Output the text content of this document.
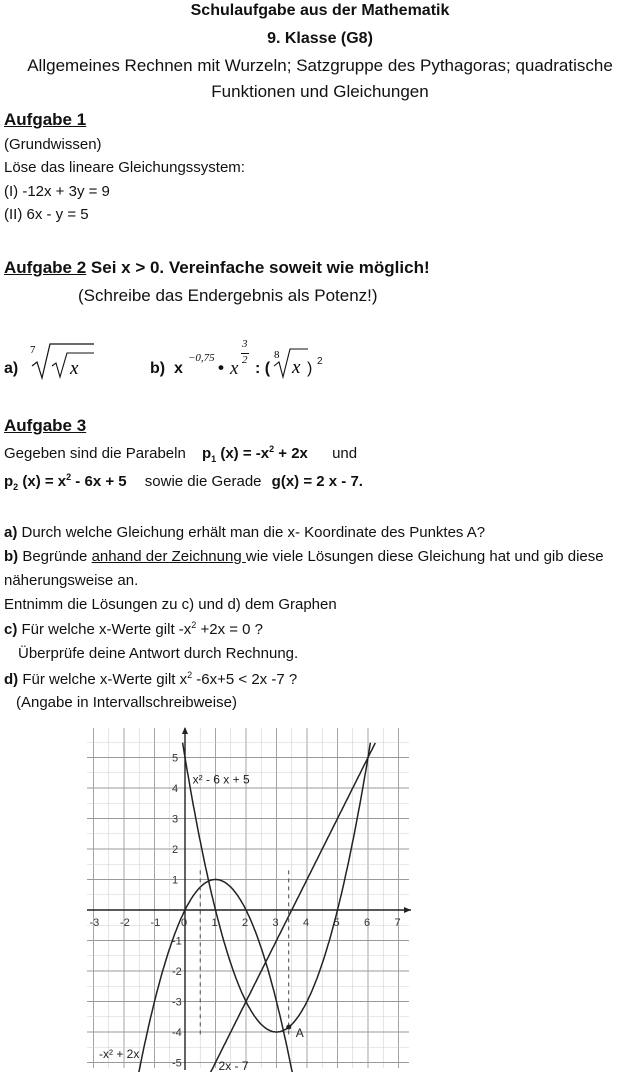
Schulaufgabe aus der Mathematik
9. Klasse (G8)
Allgemeines Rechnen mit Wurzeln; Satzgruppe des Pythagoras; quadratische
Funktionen und Gleichungen
Aufgabe 1
(Grundwissen)
Löse das lineare Gleichungssystem:
(I) -12x + 3y = 9
(II) 6x - y = 5
Aufgabe 2 Sei x > 0. Vereinfache soweit wie möglich!
(Schreibe das Endergebnis als Potenz!)
a)
7
x	b) x
−0,75 • x
3
2 : (
8
x ) 2
Aufgabe 3
Gegeben sind die Parabeln $p_1$ $(x) = -x^2 + 2x$ und
$p_2$ $(x) = x^2 - 6x + 5$ sowie die Gerade g(x) = 2 x - 7.
a) Durch welche Gleichung erhält man die x- Koordinate des Punktes A?
b) Begründe anhand der Zeichnung wie viele Lösungen diese Gleichung hat und gib diese
näherungsweise an.
Entnimm die Lösungen zu c) und d) dem Graphen
c) Für welche x-Werte gilt $-x^2 +2x = 0$ ?
Überprüfe deine Antwort durch Rechnung.
d) Für welche x-Werte gilt $x^2$ -6x+5 < 2x -7 ?
(Angabe in Intervallschreibweise)
-3 -2 -1 0 1 2 3 4 5 6 7
5
4
3
2
1
-1
-2
-3
-4
-5
x² - 6 x + 5
-x² + 2x
2x - 7
A
